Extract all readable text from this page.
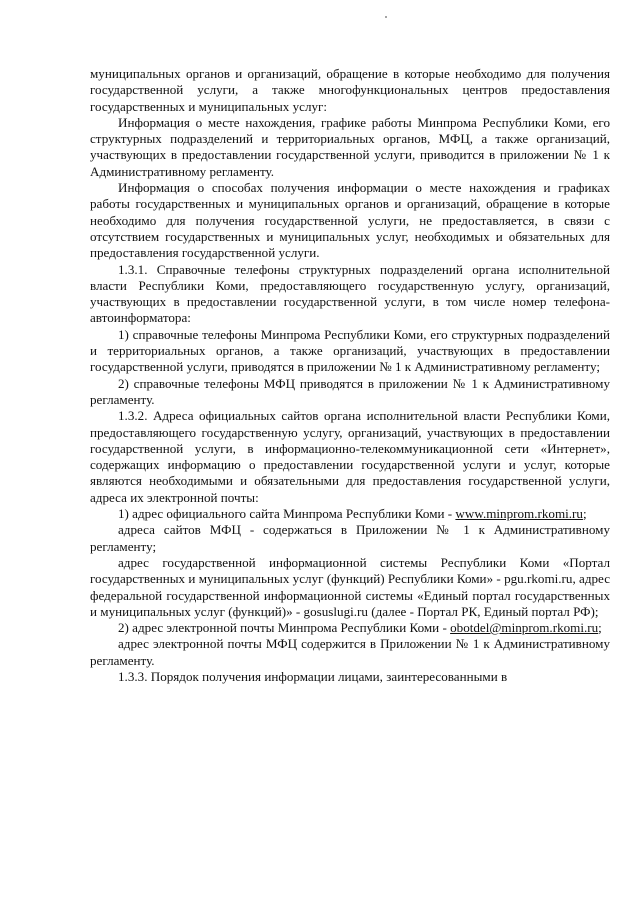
муниципальных органов и организаций, обращение в которые необходимо для получения государственной услуги, а также многофункциональных центров предоставления государственных и муниципальных услуг:

Информация о месте нахождения, графике работы Минпрома Республики Коми, его структурных подразделений и территориальных органов, МФЦ, а также организаций, участвующих в предоставлении государственной услуги, приводится в приложении № 1 к Административному регламенту.

Информация о способах получения информации о месте нахождения и графиках работы государственных и муниципальных органов и организаций, обращение в которые необходимо для получения государственной услуги, не предоставляется, в связи с отсутствием государственных и муниципальных услуг, необходимых и обязательных для предоставления государственной услуги.

1.3.1. Справочные телефоны структурных подразделений органа исполнительной власти Республики Коми, предоставляющего государственную услугу, организаций, участвующих в предоставлении государственной услуги, в том числе номер телефона-автоинформатора:

1) справочные телефоны Минпрома Республики Коми, его структурных подразделений и территориальных органов, а также организаций, участвующих в предоставлении государственной услуги, приводятся в приложении № 1 к Административному регламенту;

2) справочные телефоны МФЦ приводятся в приложении № 1 к Административному регламенту.

1.3.2. Адреса официальных сайтов органа исполнительной власти Республики Коми, предоставляющего государственную услугу, организаций, участвующих в предоставлении государственной услуги, в информационно-телекоммуникационной сети «Интернет», содержащих информацию о предоставлении государственной услуги и услуг, которые являются необходимыми и обязательными для предоставления государственной услуги, адреса их электронной почты:

1) адрес официального сайта Минпрома Республики Коми - www.minprom.rkomi.ru;

адреса сайтов МФЦ - содержаться в Приложении № 1 к Административному регламенту;

адрес государственной информационной системы Республики Коми «Портал государственных и муниципальных услуг (функций) Республики Коми» - pgu.rkomi.ru, адрес федеральной государственной информационной системы «Единый портал государственных и муниципальных услуг (функций)» - gosuslugi.ru (далее - Портал РК, Единый портал РФ);

2) адрес электронной почты Минпрома Республики Коми - obotdel@minprom.rkomi.ru;

адрес электронной почты МФЦ содержится в Приложении № 1 к Административному регламенту.

1.3.3. Порядок получения информации лицами, заинтересованными в
